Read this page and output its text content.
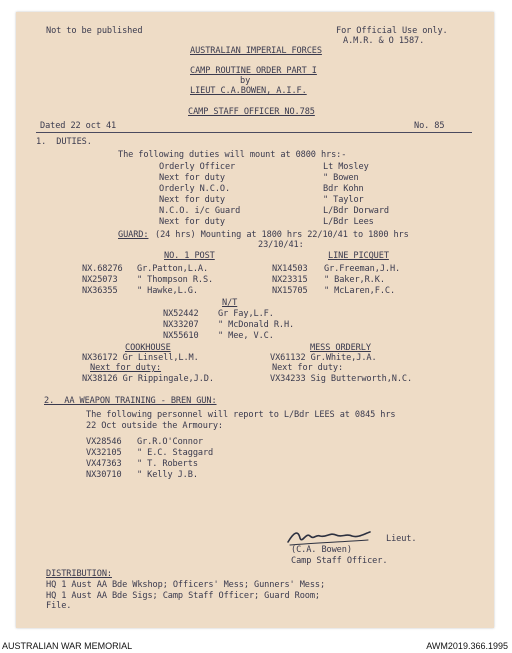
Not to be published	For Official Use only.
A.M.R. & O 1587.
AUSTRALIAN IMPERIAL FORCES
CAMP ROUTINE ORDER PART I
by
LIEUT C.A.BOWEN, A.I.F.
CAMP STAFF OFFICER NO.785
Dated 22 oct 41	No. 85
1.  DUTIES.
The following duties will mount at 0800 hrs:-
Orderly Officer	Lt Mosley
Next for duty	" Bowen
Orderly N.C.O.	Bdr Kohn
Next for duty	" Taylor
N.C.O. i/c Guard	L/Bdr Dorward
Next for duty	L/Bdr Lees
GUARD: (24 hrs) Mounting at 1800 hrs 22/10/41 to 1800 hrs
23/10/41:
NO. 1 POST	LINE PICQUET
NX.68276 Gr.Patton,L.A.	NX14503 Gr.Freeman,J.H.
NX25073 " Thompson R.S.	NX23315 " Baker,R.K.
NX36355 " Hawke,L.G.	NX15705 " McLaren,F.C.
N/T
NX52442 Gr Fay,L.F.
NX33207 " McDonald R.H.
NX55610 " Mee, V.C.
COOKHOUSE	MESS ORDERLY
NX36172 Gr Linsell,L.M.	VX61132 Gr.White,J.A.
Next for duty:	Next for duty:
NX38126 Gr Rippingale,J.D.	VX34233 Sig Butterworth,N.C.
2.  AA WEAPON TRAINING - BREN GUN:
The following personnel will report to L/Bdr LEES at 0845 hrs
22 Oct outside the Armoury:
VX28546 Gr.R.O'Connor
VX32105 " E.C. Staggard
VX47363 " T. Roberts
NX30710 " Kelly J.B.
Lieut.
(C.A. Bowen)
Camp Staff Officer.
DISTRIBUTION:
HQ 1 Aust AA Bde Wkshop; Officers' Mess; Gunners' Mess;
HQ 1 Aust AA Bde Sigs; Camp Staff Officer; Guard Room;
File.
AUSTRALIAN WAR MEMORIAL	AWM2019.366.1995
